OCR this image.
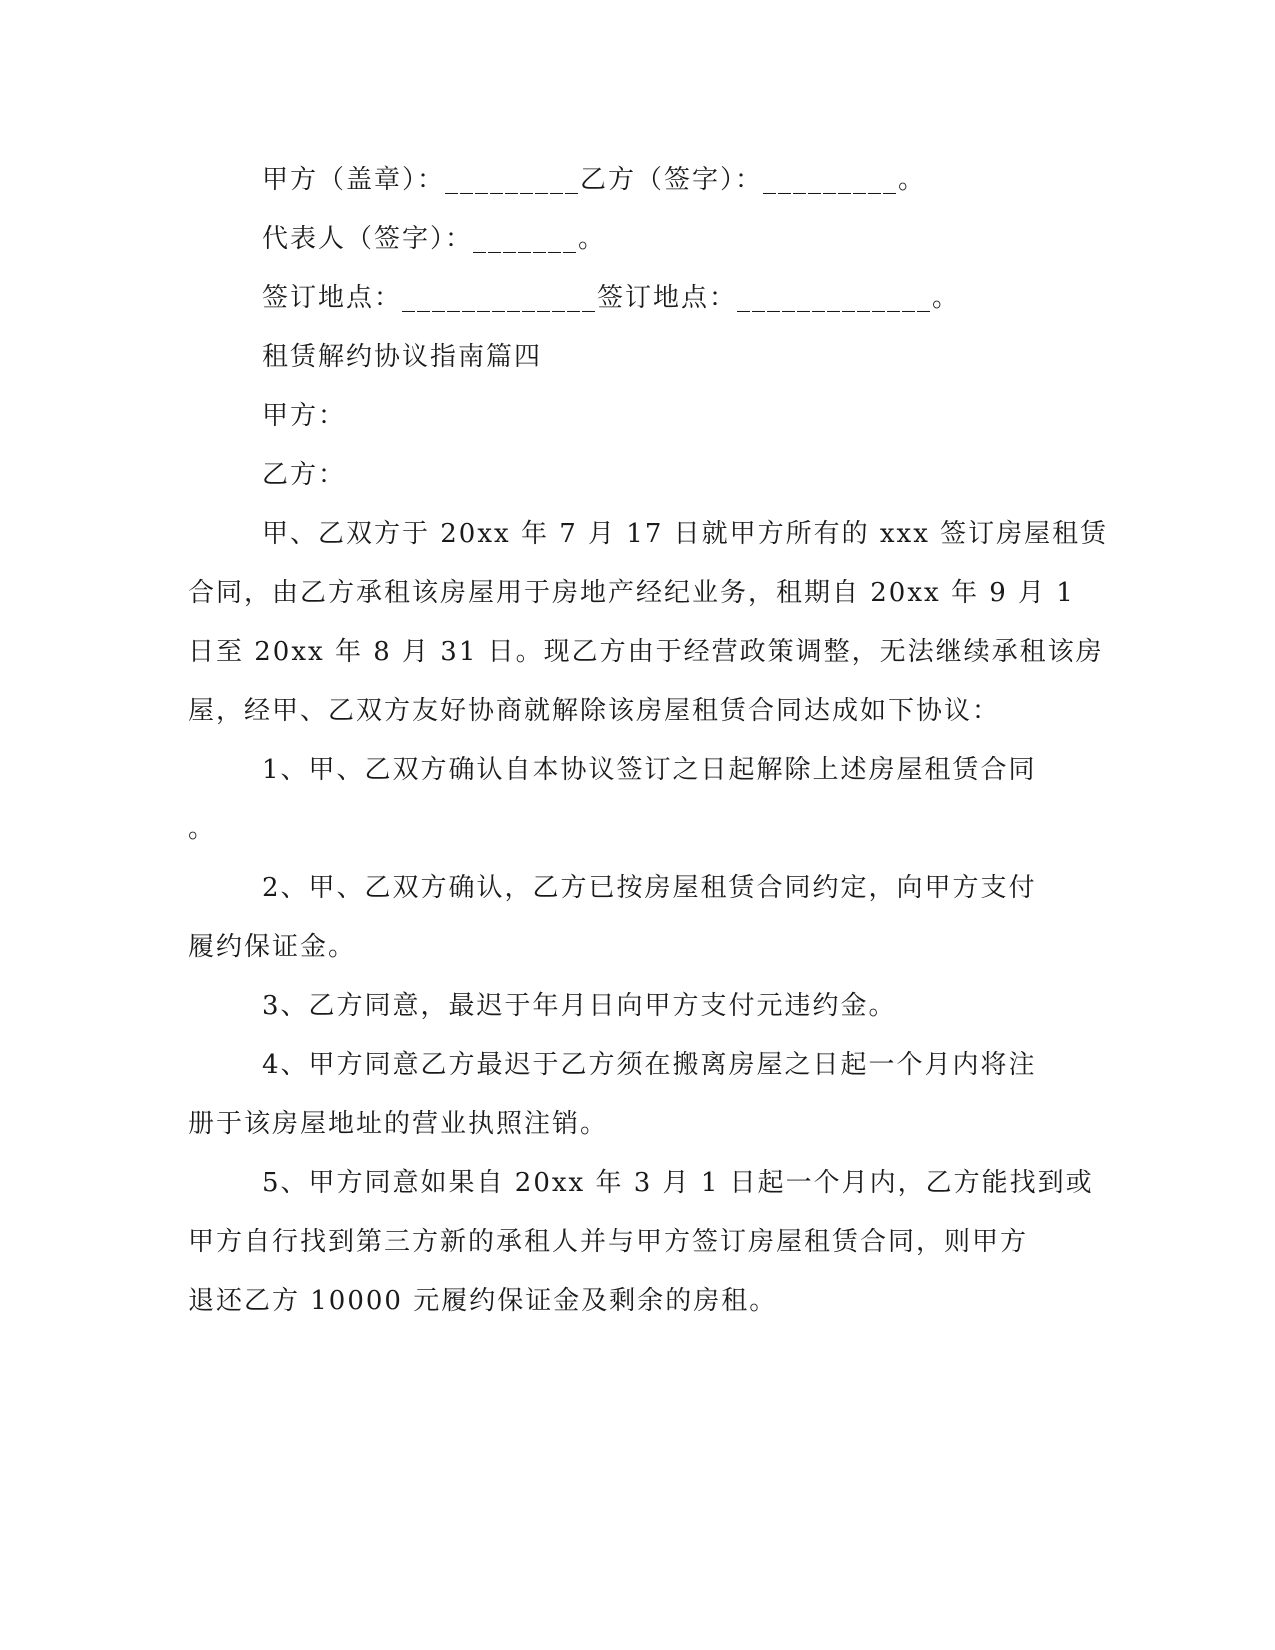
甲方（盖章）：_________乙方（签字）：_________。
代表人（签字）：_______。
签订地点：_____________签订地点：_____________。
租赁解约协议指南篇四
甲方：
乙方：
甲、乙双方于 20xx 年 7 月 17 日就甲方所有的 xxx 签订房屋租赁
合同，由乙方承租该房屋用于房地产经纪业务，租期自 20xx 年 9 月 1
日至 20xx 年 8 月 31 日。现乙方由于经营政策调整，无法继续承租该房
屋，经甲、乙双方友好协商就解除该房屋租赁合同达成如下协议：
1、甲、乙双方确认自本协议签订之日起解除上述房屋租赁合同
。
2、甲、乙双方确认，乙方已按房屋租赁合同约定，向甲方支付
履约保证金。
3、乙方同意，最迟于年月日向甲方支付元违约金。
4、甲方同意乙方最迟于乙方须在搬离房屋之日起一个月内将注
册于该房屋地址的营业执照注销。
5、甲方同意如果自 20xx 年 3 月 1 日起一个月内，乙方能找到或
甲方自行找到第三方新的承租人并与甲方签订房屋租赁合同，则甲方
退还乙方 10000 元履约保证金及剩余的房租。
